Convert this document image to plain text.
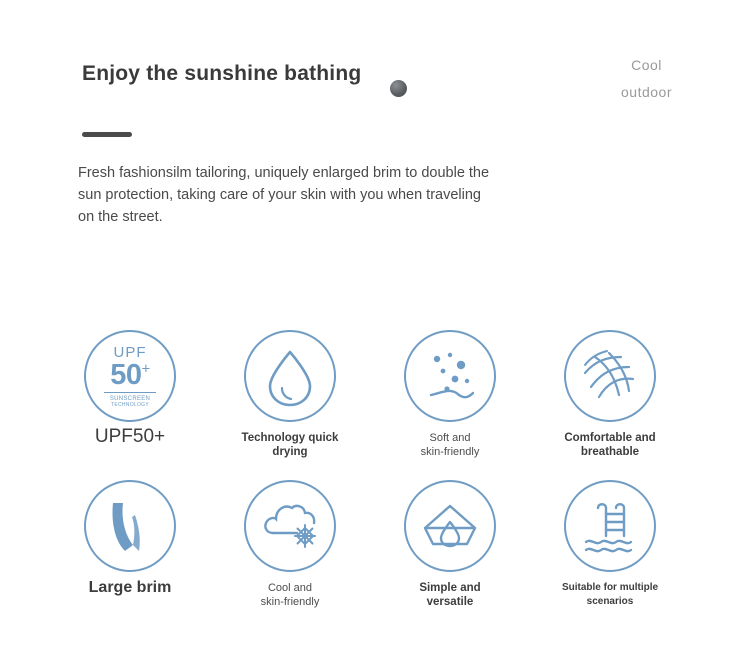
Enjoy the sunshine bathing	Cool
outdoor
Fresh fashionsilm tailoring, uniquely enlarged brim to double the sun protection, taking care of your skin with you when traveling on the street.
UPF
50+
SUNSCREEN
TECHNOLOGY
UPF50+	Technology quick
drying
Soft and
skin-friendly
Comfortable and
breathable
Large brim	Cool and
skin-friendly
Simple and
versatile
Suitable for multiple
scenarios
